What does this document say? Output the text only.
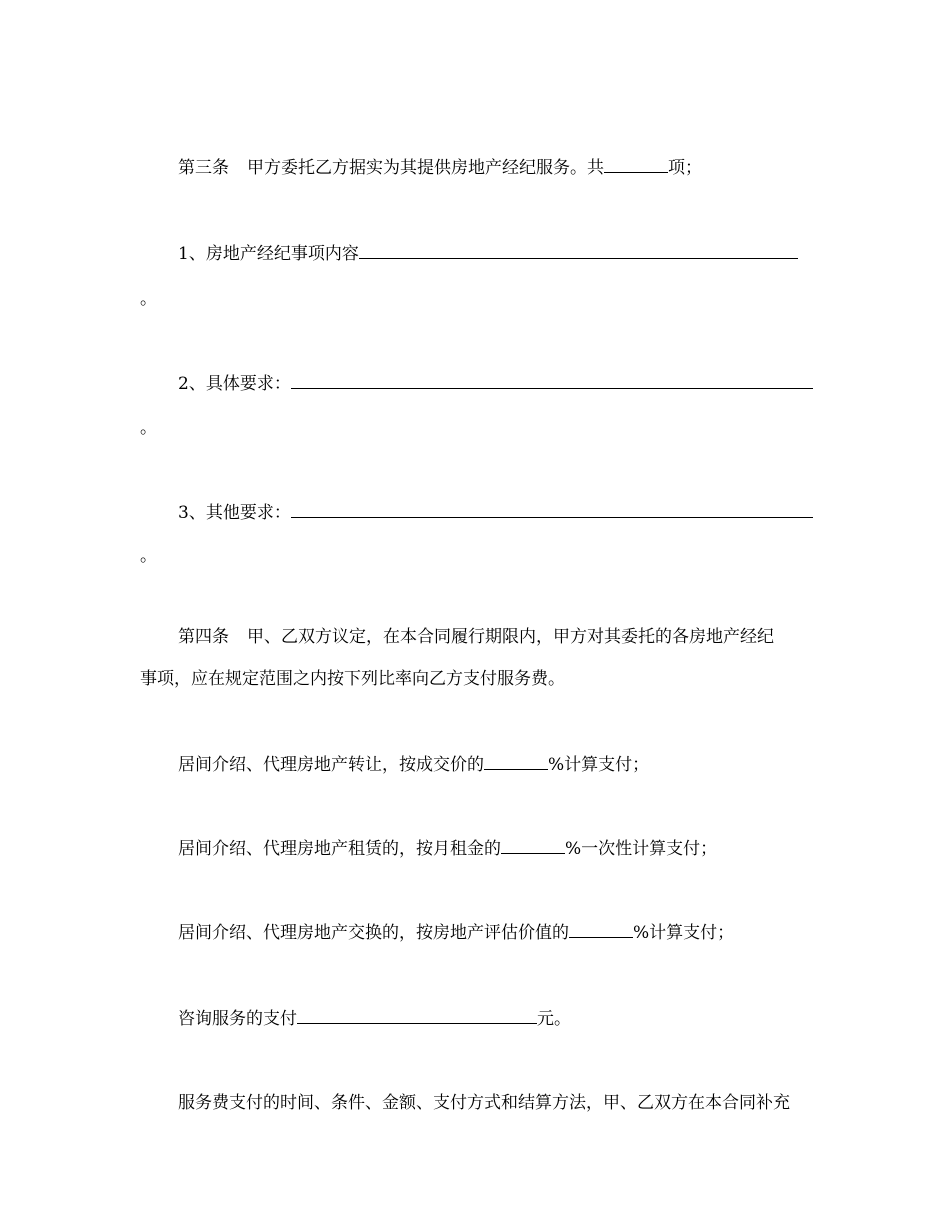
第三条 甲方委托乙方据实为其提供房地产经纪服务。共	项；
1、房地产经纪事项内容
。
2、具体要求：
。
3、其他要求：
。
第四条 甲、乙双方议定，在本合同履行期限内，甲方对其委托的各房地产经纪
事项，应在规定范围之内按下列比率向乙方支付服务费。
居间介绍、代理房地产转让，按成交价的	%计算支付；
居间介绍、代理房地产租赁的，按月租金的	%一次性计算支付；
居间介绍、代理房地产交换的，按房地产评估价值的	%计算支付；
咨询服务的支付	元。
服务费支付的时间、条件、金额、支付方式和结算方法，甲、乙双方在本合同补充
